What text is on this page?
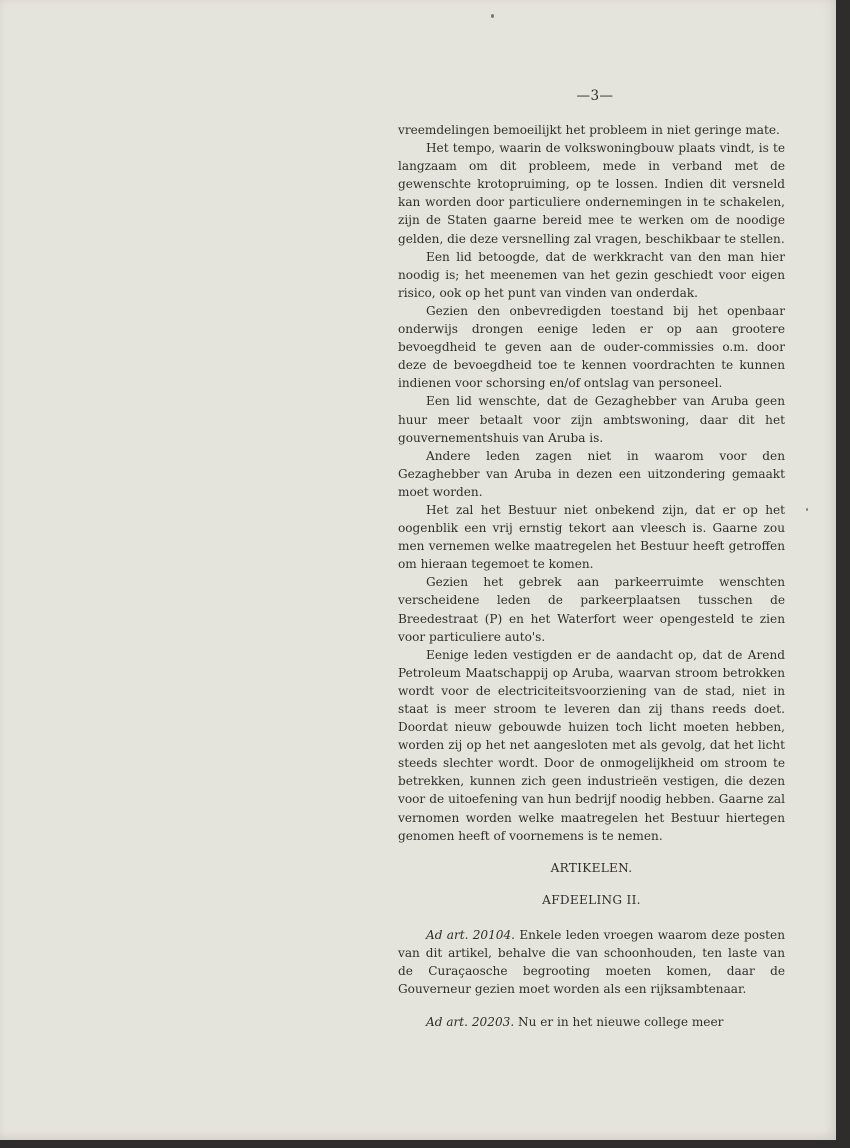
—3—

vreemdelingen bemoeilijkt het probleem in niet geringe mate.

Het tempo, waarin de volkswoningbouw plaats vindt, is te langzaam om dit probleem, mede in verband met de gewenschte krotopruiming, op te lossen. Indien dit versneld kan worden door particuliere ondernemingen in te schakelen, zijn de Staten gaarne bereid mee te werken om de noodige gelden, die deze versnelling zal vragen, beschikbaar te stellen.

Een lid betoogde, dat de werkkracht van den man hier noodig is; het meenemen van het gezin geschiedt voor eigen risico, ook op het punt van vinden van onderdak.

Gezien den onbevredigden toestand bij het openbaar onderwijs drongen eenige leden er op aan grootere bevoegdheid te geven aan de ouder-commissies o.m. door deze de bevoegdheid toe te kennen voordrachten te kunnen indienen voor schorsing en/of ontslag van personeel.

Een lid wenschte, dat de Gezaghebber van Aruba geen huur meer betaalt voor zijn ambtswoning, daar dit het gouvernementshuis van Aruba is.

Andere leden zagen niet in waarom voor den Gezaghebber van Aruba in dezen een uitzondering gemaakt moet worden.

Het zal het Bestuur niet onbekend zijn, dat er op het oogenblik een vrij ernstig tekort aan vleesch is. Gaarne zou men vernemen welke maatregelen het Bestuur heeft getroffen om hieraan tegemoet te komen.

Gezien het gebrek aan parkeerruimte wenschten verscheidene leden de parkeerplaatsen tusschen de Breedestraat (P) en het Waterfort weer opengesteld te zien voor particuliere auto's.

Eenige leden vestigden er de aandacht op, dat de Arend Petroleum Maatschappij op Aruba, waarvan stroom betrokken wordt voor de electriciteitsvoorziening van de stad, niet in staat is meer stroom te leveren dan zij thans reeds doet. Doordat nieuw gebouwde huizen toch licht moeten hebben, worden zij op het net aangesloten met als gevolg, dat het licht steeds slechter wordt. Door de onmogelijkheid om stroom te betrekken, kunnen zich geen industrieën vestigen, die dezen voor de uitoefening van hun bedrijf noodig hebben. Gaarne zal vernomen worden welke maatregelen het Bestuur hiertegen genomen heeft of voornemens is te nemen.

ARTIKELEN.

AFDEELING II.

Ad art. 20104. Enkele leden vroegen waarom deze posten van dit artikel, behalve die van schoonhouden, ten laste van de Curaçaosche begrooting moeten komen, daar de Gouverneur gezien moet worden als een rijksambtenaar.

Ad art. 20203. Nu er in het nieuwe college meer
